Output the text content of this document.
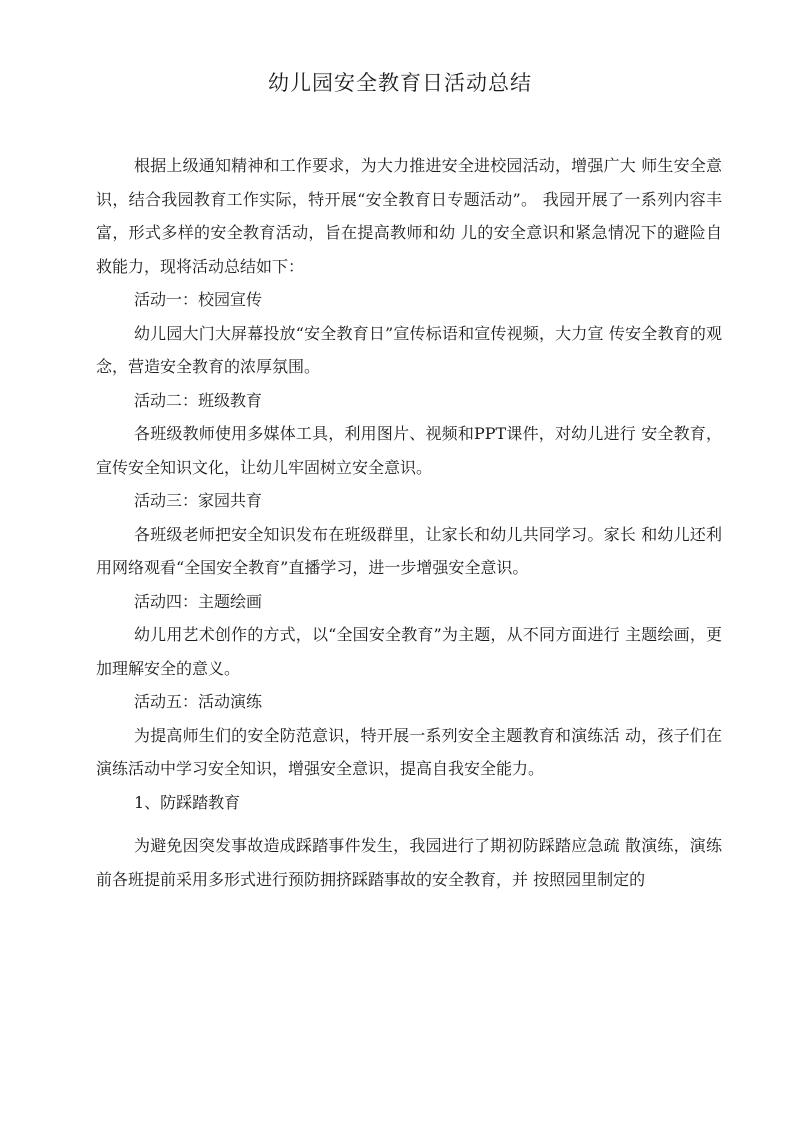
幼儿园安全教育日活动总结

根据上级通知精神和工作要求，为大力推进安全进校园活动，增强广大 师生安全意识，结合我园教育工作实际，特开展“安全教育日专题活动”。 我园开展了一系列内容丰富，形式多样的安全教育活动，旨在提高教师和幼 儿的安全意识和紧急情况下的避险自救能力，现将活动总结如下：

活动一：校园宣传

幼儿园大门大屏幕投放“安全教育日”宣传标语和宣传视频，大力宣 传安全教育的观念，营造安全教育的浓厚氛围。

活动二：班级教育

各班级教师使用多媒体工具，利用图片、视频和PPT课件，对幼儿进行 安全教育，宣传安全知识文化，让幼儿牢固树立安全意识。

活动三：家园共育

各班级老师把安全知识发布在班级群里，让家长和幼儿共同学习。家长 和幼儿还利用网络观看“全国安全教育”直播学习，进一步增强安全意识。

活动四：主题绘画

幼儿用艺术创作的方式，以“全国安全教育”为主题，从不同方面进行 主题绘画，更加理解安全的意义。

活动五：活动演练

为提高师生们的安全防范意识，特开展一系列安全主题教育和演练活 动，孩子们在演练活动中学习安全知识，增强安全意识，提高自我安全能力。

1、防踩踏教育

为避免因突发事故造成踩踏事件发生，我园进行了期初防踩踏应急疏 散演练，演练前各班提前采用多形式进行预防拥挤踩踏事故的安全教育，并 按照园里制定的
